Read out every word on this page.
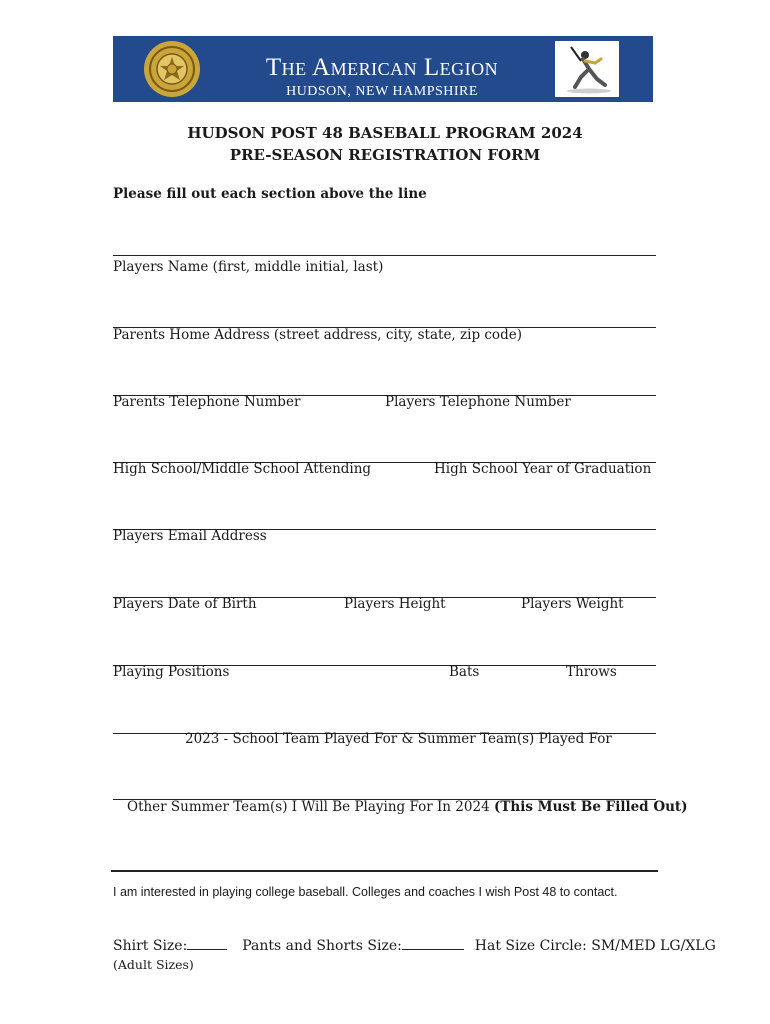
The American Legion
HUDSON, NEW HAMPSHIRE
HUDSON POST 48 BASEBALL PROGRAM 2024
PRE-SEASON REGISTRATION FORM
Please fill out each section above the line
Players Name (first, middle initial, last)
Parents Home Address (street address, city, state, zip code)
Parents Telephone Number	Players Telephone Number
High School/Middle School Attending	High School Year of Graduation
Players Email Address
Players Date of Birth	Players Height	Players Weight
Playing Positions	Bats	Throws
2023 - School Team Played For & Summer Team(s) Played For
Other Summer Team(s) I Will Be Playing For In 2024 (This Must Be Filled Out)
I am interested in playing college baseball. Colleges and coaches I wish Post 48 to contact.
Shirt Size:	Pants and Shorts Size:	Hat Size Circle: SM/MED LG/XLG
(Adult Sizes)
